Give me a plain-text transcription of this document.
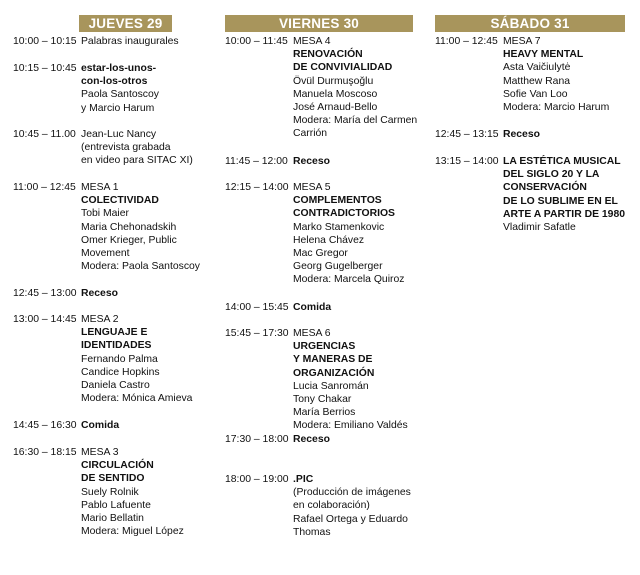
JUEVES 29
10:00 – 10:15 Palabras inaugurales
10:15 – 10:45 estar-los-unos-
con-los-otros
Paola Santoscoy
y Marcio Harum
10:45 – 11.00 Jean-Luc Nancy
(entrevista grabada
en video para SITAC XI)
11:00 – 12:45 MESA 1
COLECTIVIDAD
Tobi Maier
Maria Chehonadskih
Omer Krieger, Public
Movement
Modera: Paola Santoscoy
12:45 – 13:00 Receso
13:00 – 14:45 MESA 2
LENGUAJE E
IDENTIDADES
Fernando Palma
Candice Hopkins
Daniela Castro
Modera: Mónica Amieva
14:45 – 16:30 Comida
16:30 – 18:15 MESA 3
CIRCULACIÓN
DE SENTIDO
Suely Rolnik
Pablo Lafuente
Mario Bellatin
Modera: Miguel López
VIERNES 30
10:00 – 11:45 MESA 4
RENOVACIÓN
DE CONVIVIALIDAD
Övül Durmuşoğlu
Manuela Moscoso
José Arnaud-Bello
Modera: María del Carmen
Carrión
11:45 – 12:00 Receso
12:15 – 14:00 MESA 5
COMPLEMENTOS
CONTRADICTORIOS
Marko Stamenkovic
Helena Chávez
Mac Gregor
Georg Gugelberger
Modera: Marcela Quiroz
14:00 – 15:45 Comida
15:45 – 17:30 MESA 6
URGENCIAS
Y MANERAS DE
ORGANIZACIÓN
Lucia Sanromán
Tony Chakar
María Berrios
Modera: Emiliano Valdés
17:30 – 18:00 Receso
18:00 – 19:00 .PIC
(Producción de imágenes
en colaboración)
Rafael Ortega y Eduardo
Thomas
SÁBADO 31
11:00 – 12:45 MESA 7
HEAVY MENTAL
Asta Vaičiulytė
Matthew Rana
Sofie Van Loo
Modera: Marcio Harum
12:45 – 13:15 Receso
13:15 – 14:00 LA ESTÉTICA MUSICAL
DEL SIGLO 20 Y LA
CONSERVACIÓN
DE LO SUBLIME EN EL
ARTE A PARTIR DE 1980
Vladimir Safatle
